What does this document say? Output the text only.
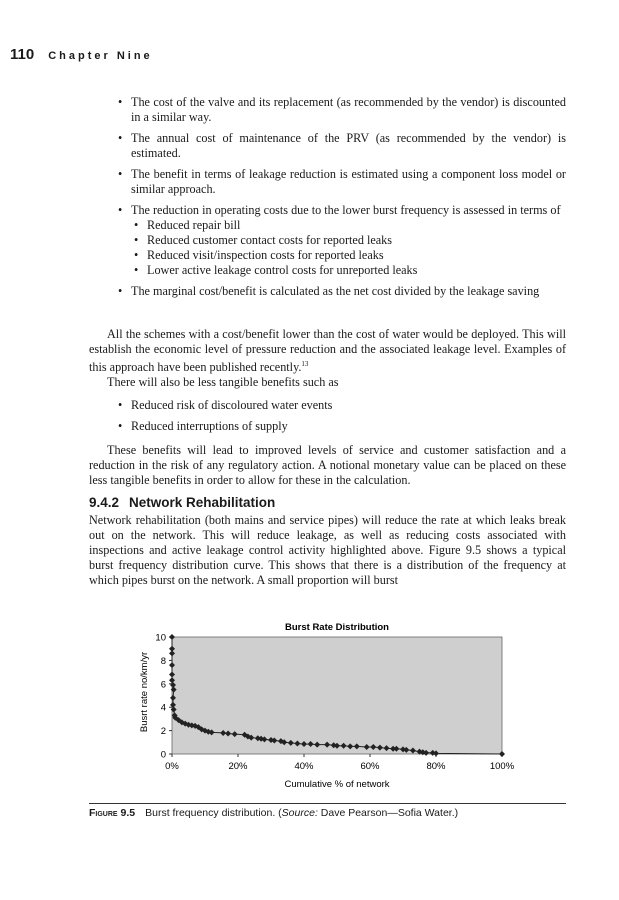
110 Chapter Nine
• The cost of the valve and its replacement (as recommended by the vendor) is discounted in a similar way.
• The annual cost of maintenance of the PRV (as recommended by the vendor) is estimated.
• The benefit in terms of leakage reduction is estimated using a component loss model or similar approach.
• The reduction in operating costs due to the lower burst frequency is assessed in terms of
• Reduced repair bill
• Reduced customer contact costs for reported leaks
• Reduced visit/inspection costs for reported leaks
• Lower active leakage control costs for unreported leaks
• The marginal cost/benefit is calculated as the net cost divided by the leakage saving

All the schemes with a cost/benefit lower than the cost of water would be deployed. This will establish the economic level of pressure reduction and the associated leakage level. Examples of this approach have been published recently.$^{13}$

There will also be less tangible benefits such as

• Reduced risk of discoloured water events
• Reduced interruptions of supply

These benefits will lead to improved levels of service and customer satisfaction and a reduction in the risk of any regulatory action. A notional monetary value can be placed on these less tangible benefits in order to allow for these in the calculation.

9.4.2 Network Rehabilitation

Network rehabilitation (both mains and service pipes) will reduce the rate at which leaks break out on the network. This will reduce leakage, as well as reducing costs associated with inspections and active leakage control activity highlighted above. Figure 9.5 shows a typical burst frequency distribution curve. This shows that there is a distribution of the frequency at which pipes burst on the network. A small proportion will burst

Burst Rate Distribution
0
2
4
6
8
10
0%	20%	40%	60%	80%	100%
Busrt rate no/km/yr
Cumulative % of network
Figure 9.5 Burst frequency distribution. (Source: Dave Pearson—Sofia Water.)
